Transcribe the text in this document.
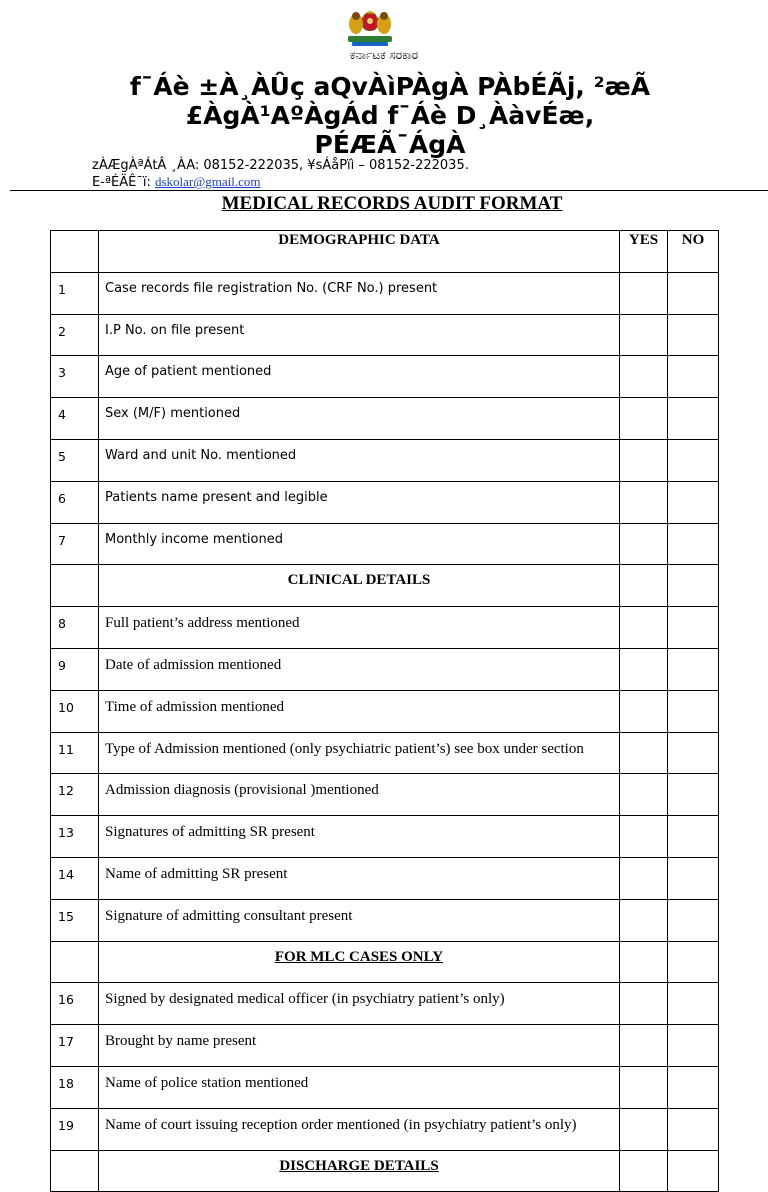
ಕರ್ನಾಟಕ ಸರಕಾರ
f¯Áè ±À¸ÀÛç aQvÀìPÀgÀ PÀbÉÃj, ²æÃ
£ÀgÀ¹AºÀgÁd f¯Áè D¸ÀàvÉæ,
PÉÆÃ¯ÁgÀ
zÀÆgÀªÁtÂ ¸ÀA: 08152-222035, ¥sÁåPïì – 08152-222035.
E-ªÉÄÊ¯ï: dskolar@gmail.com
MEDICAL RECORDS AUDIT FORMAT
	DEMOGRAPHIC DATA	YES	NO
1	Case records file registration No. (CRF No.) present		
2	I.P No. on file present		
3	Age of patient mentioned		
4	Sex (M/F) mentioned		
5	Ward and unit No. mentioned		
6	Patients name present and legible		
7	Monthly income mentioned		
	CLINICAL DETAILS		
8	Full patient’s address mentioned		
9	Date of admission mentioned		
10	Time of admission mentioned		
11	Type of Admission mentioned (only psychiatric patient’s) see box under section		
12	Admission diagnosis (provisional )mentioned		
13	Signatures of admitting SR present		
14	Name of admitting SR present		
15	Signature of admitting consultant present		
	FOR MLC CASES ONLY		
16	Signed by designated medical officer (in psychiatry patient’s only)		
17	Brought by name present		
18	Name of police station mentioned		
19	Name of court issuing reception order mentioned (in psychiatry patient’s only)		
	DISCHARGE DETAILS		
